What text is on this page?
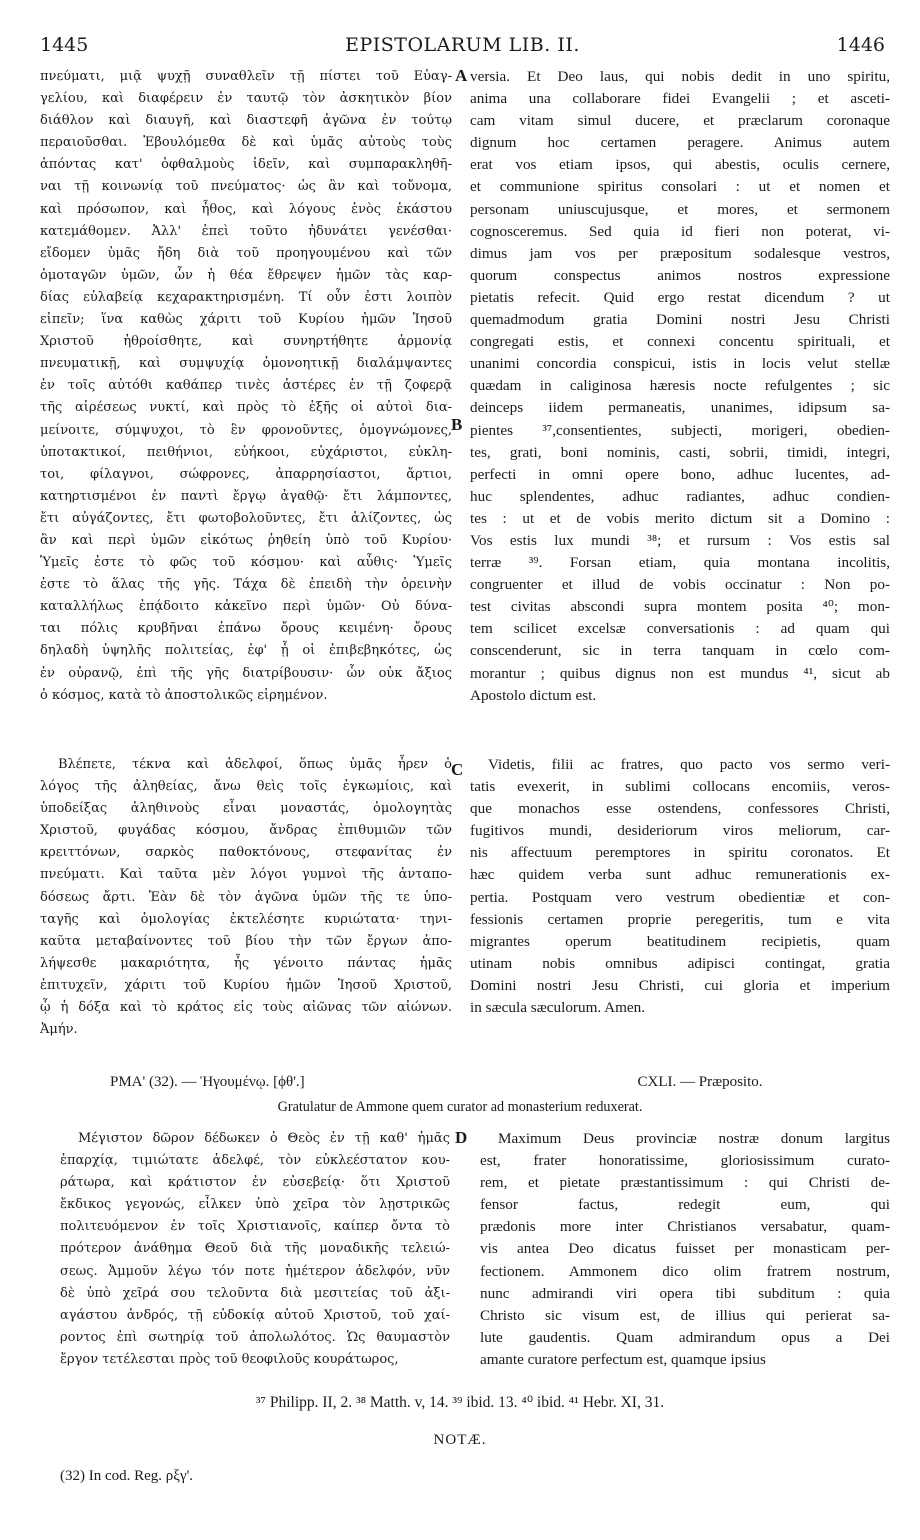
1445	EPISTOLARUM LIB. II.	1446
πνεύματι, μιᾷ ψυχῇ συναθλεῖν τῇ πίστει τοῦ Εὐαγ-
γελίου, καὶ διαφέρειν ἐν ταυτῷ τὸν ἀσκητικὸν βίον
διάθλον καὶ διαυγῆ, καὶ διαστεφῆ ἀγῶνα ἐν τούτῳ
περαιοῦσθαι. Ἐβουλόμεθα δὲ καὶ ὑμᾶς αὐτοὺς τοὺς
ἀπόντας κατ' ὀφθαλμοὺς ἰδεῖν, καὶ συμπαρακληθῆ-
ναι τῇ κοινωνίᾳ τοῦ πνεύματος· ὡς ἂν καὶ τοὔνομα,
καὶ πρόσωπον, καὶ ἦθος, καὶ λόγους ἑνὸς ἑκάστου
κατεμάθομεν. Ἀλλ' ἐπεὶ τοῦτο ἠδυνάτει γενέσθαι·
εἴδομεν ὑμᾶς ἤδη διὰ τοῦ προηγουμένου καὶ τῶν
ὁμοταγῶν ὑμῶν, ὧν ἡ θέα ἔθρεψεν ἡμῶν τὰς καρ-
δίας εὐλαβείᾳ κεχαρακτηρισμένη. Τί οὖν ἐστι λοιπὸν
εἰπεῖν; ἵνα καθὼς χάριτι τοῦ Κυρίου ἡμῶν Ἰησοῦ
Χριστοῦ ἠθροίσθητε, καὶ συνηρτήθητε ἁρμονίᾳ
πνευματικῇ, καὶ συμψυχίᾳ ὁμονοητικῇ διαλάμψαντες
ἐν τοῖς αὐτόθι καθάπερ τινὲς ἀστέρες ἐν τῇ ζοφερᾷ
τῆς αἱρέσεως νυκτί, καὶ πρὸς τὸ ἑξῆς οἱ αὐτοὶ δια-
μείνοιτε, σύμψυχοι, τὸ ἓν φρονοῦντες, ὁμογνώμονες,
ὑποτακτικοί, πειθήνιοι, εὐήκοοι, εὐχάριστοι, εὐκλη-
τοι, φίλαγνοι, σώφρονες, ἀπαρρησίαστοι, ἄρτιοι,
κατηρτισμένοι ἐν παντὶ ἔργῳ ἀγαθῷ· ἔτι λάμποντες,
ἔτι αὐγάζοντες, ἔτι φωτοβολοῦντες, ἔτι ἁλίζοντες, ὡς
ἂν καὶ περὶ ὑμῶν εἰκότως ῥηθείη ὑπὸ τοῦ Κυρίου·
Ὑμεῖς ἐστε τὸ φῶς τοῦ κόσμου· καὶ αὖθις· Ὑμεῖς
ἐστε τὸ ἅλας τῆς γῆς. Τάχα δὲ ἐπειδὴ τὴν ὀρεινὴν
καταλλήλως ἐπᾴδοιτο κἀκεῖνο περὶ ὑμῶν· Οὐ δύνα-
ται πόλις κρυβῆναι ἐπάνω ὄρους κειμένη· ὄρους
δηλαδὴ ὑψηλῆς πολιτείας, ἐφ' ᾗ οἱ ἐπιβεβηκότες, ὡς
ἐν οὐρανῷ, ἐπὶ τῆς γῆς διατρίβουσιν· ὧν οὐκ ἄξιος
ὁ κόσμος, κατὰ τὸ ἀποστολικῶς εἰρημένον.
versia. Et Deo laus, qui nobis dedit in uno spiritu,
anima una collaborare fidei Evangelii ; et asceti-
cam vitam simul ducere, et præclarum coronaque
dignum hoc certamen peragere. Animus autem
erat vos etiam ipsos, qui abestis, oculis cernere,
et communione spiritus consolari : ut et nomen et
personam uniuscujusque, et mores, et sermonem
cognosceremus. Sed quia id fieri non poterat, vi-
dimus jam vos per præpositum sodalesque vestros,
quorum conspectus animos nostros expressione
pietatis refecit. Quid ergo restat dicendum ? ut
quemadmodum gratia Domini nostri Jesu Christi
congregati estis, et connexi concentu spirituali, et
unanimi concordia conspicui, istis in locis velut stellæ
quædam in caliginosa hæresis nocte refulgentes ; sic
deinceps iidem permaneatis, unanimes, idipsum sa-
pientes ³⁷,consentientes, subjecti, morigeri, obedien-
tes, grati, boni nominis, casti, sobrii, timidi, integri,
perfecti in omni opere bono, adhuc lucentes, ad-
huc splendentes, adhuc radiantes, adhuc condien-
tes : ut et de vobis merito dictum sit a Domino :
Vos estis lux mundi ³⁸; et rursum : Vos estis sal
terræ ³⁹. Forsan etiam, quia montana incolitis,
congruenter et illud de vobis occinatur : Non po-
test civitas abscondi supra montem posita ⁴⁰; mon-
tem scilicet excelsæ conversationis : ad quam qui
conscenderunt, sic in terra tanquam in cœlo com-
morantur ; quibus dignus non est mundus ⁴¹, sicut ab
Apostolo dictum est.
Βλέπετε, τέκνα καὶ ἀδελφοί, ὅπως ὑμᾶς ἦρεν ὁ
λόγος τῆς ἀληθείας, ἄνω θεὶς τοῖς ἐγκωμίοις, καὶ
ὑποδείξας ἀληθινοὺς εἶναι μοναστάς, ὁμολογητὰς
Χριστοῦ, φυγάδας κόσμου, ἄνδρας ἐπιθυμιῶν τῶν
κρειττόνων, σαρκὸς παθοκτόνους, στεφανίτας ἐν
πνεύματι. Καὶ ταῦτα μὲν λόγοι γυμνοὶ τῆς ἀνταπο-
δόσεως ἄρτι. Ἐὰν δὲ τὸν ἀγῶνα ὑμῶν τῆς τε ὑπο-
ταγῆς καὶ ὁμολογίας ἐκτελέσητε κυριώτατα· τηνι-
καῦτα μεταβαίνοντες τοῦ βίου τὴν τῶν ἔργων ἀπο-
λήψεσθε μακαριότητα, ἧς γένοιτο πάντας ἡμᾶς
ἐπιτυχεῖν, χάριτι τοῦ Κυρίου ἡμῶν Ἰησοῦ Χριστοῦ,
ᾧ ἡ δόξα καὶ τὸ κράτος εἰς τοὺς αἰῶνας τῶν αἰώνων.
Ἀμήν.
Videtis, filii ac fratres, quo pacto vos sermo veri-
tatis evexerit, in sublimi collocans encomiis, veros-
que monachos esse ostendens, confessores Christi,
fugitivos mundi, desideriorum viros meliorum, car-
nis affectuum peremptores in spiritu coronatos. Et
hæc quidem verba sunt adhuc remunerationis ex-
pertia. Postquam vero vestrum obedientiæ et con-
fessionis certamen proprie peregeritis, tum e vita
migrantes operum beatitudinem recipietis, quam
utinam nobis omnibus adipisci contingat, gratia
Domini nostri Jesu Christi, cui gloria et imperium
in sæcula sæculorum. Amen.
A
B
C
D
ΡΜΑ' (32). — Ἡγουμένῳ. [ϕθ'.]	CXLI. — Præposito.
Gratulatur de Ammone quem curator ad monasterium reduxerat.
Μέγιστον δῶρον δέδωκεν ὁ Θεὸς ἐν τῇ καθ' ἡμᾶς
ἐπαρχίᾳ, τιμιώτατε ἀδελφέ, τὸν εὐκλεέστατον κου-
ράτωρα, καὶ κράτιστον ἐν εὐσεβείᾳ· ὅτι Χριστοῦ
ἔκδικος γεγονώς, εἶλκεν ὑπὸ χεῖρα τὸν λῃστρικῶς
πολιτευόμενον ἐν τοῖς Χριστιανοῖς, καίπερ ὄντα τὸ
πρότερον ἀνάθημα Θεοῦ διὰ τῆς μοναδικῆς τελειώ-
σεως. Ἀμμοῦν λέγω τόν ποτε ἡμέτερον ἀδελφόν, νῦν
δὲ ὑπὸ χεῖρά σου τελοῦντα διὰ μεσιτείας τοῦ ἀξι-
αγάστου ἀνδρός, τῇ εὐδοκίᾳ αὐτοῦ Χριστοῦ, τοῦ χαί-
ροντος ἐπὶ σωτηρίᾳ τοῦ ἀπολωλότος. Ὡς θαυμαστὸν
ἔργον τετέλεσται πρὸς τοῦ θεοφιλοῦς κουράτωρος,
Maximum Deus provinciæ nostræ donum largitus
est, frater honoratissime, gloriosissimum curato-
rem, et pietate præstantissimum : qui Christi de-
fensor factus, redegit eum, qui
prædonis more inter Christianos versabatur, quam-
vis antea Deo dicatus fuisset per monasticam per-
fectionem. Ammonem dico olim fratrem nostrum,
nunc admirandi viri opera tibi subditum : quia
Christo sic visum est, de illius qui perierat sa-
lute gaudentis. Quam admirandum opus a Dei
amante curatore perfectum est, quamque ipsius
³⁷ Philipp. II, 2. ³⁸ Matth. v, 14. ³⁹ ibid. 13. ⁴⁰ ibid. ⁴¹ Hebr. XI, 31.
NOTÆ.
(32) In cod. Reg. ρξγ'.
